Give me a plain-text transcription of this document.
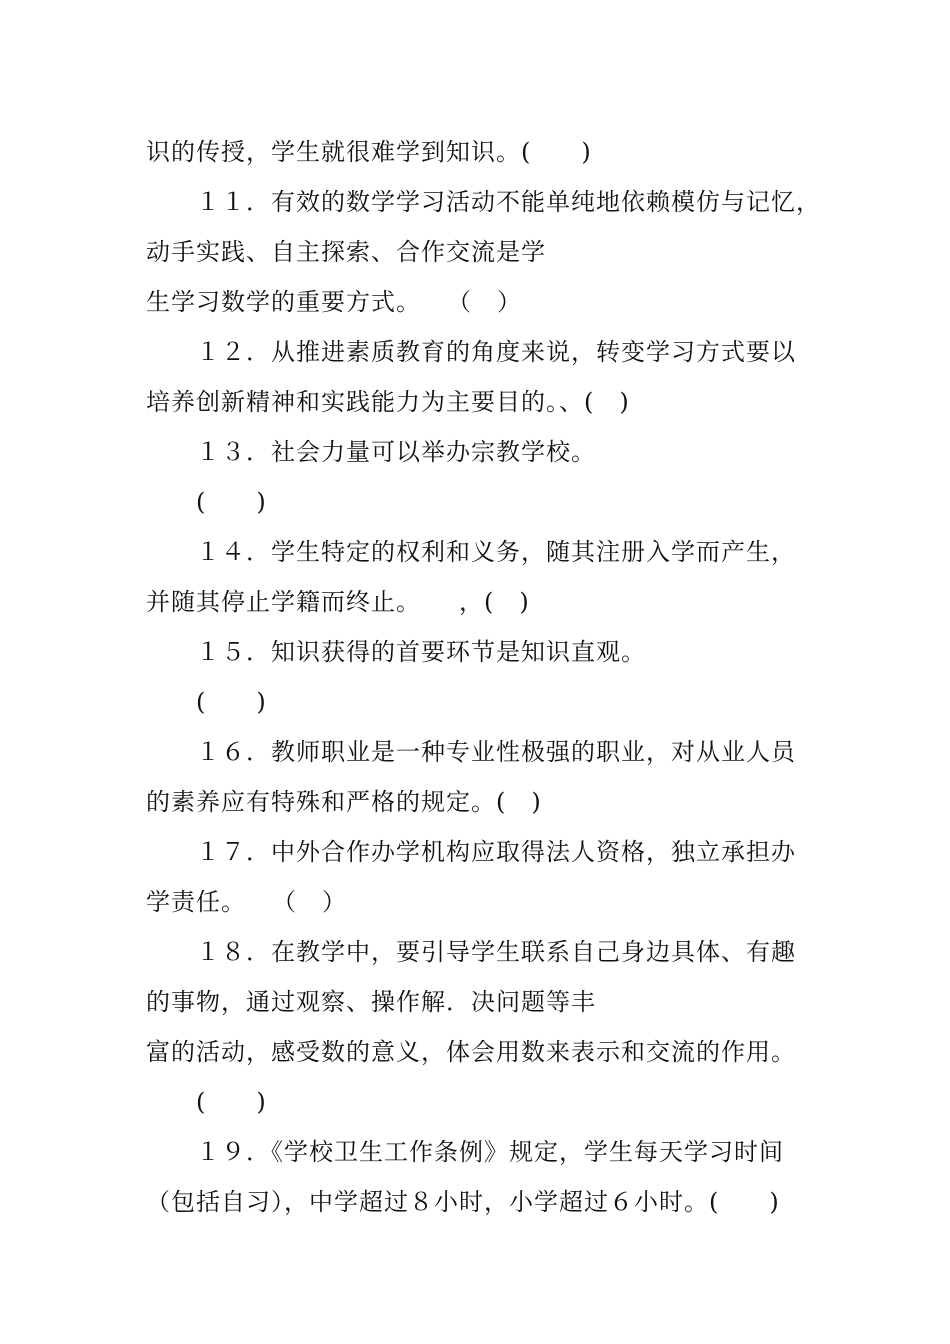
识的传授，学生就很难学到知识。(　　)
１１．有效的数学学习活动不能单纯地依赖模仿与记忆，
动手实践、自主探索、合作交流是学
生学习数学的重要方式。　　（　）
１２．从推进素质教育的角度来说，转变学习方式要以
培养创新精神和实践能力为主要目的。、(　)
１３．社会力量可以举办宗教学校。
(　　)
１４．学生特定的权利和义务，随其注册入学而产生，
并随其停止学籍而终止。　　，(　)
１５．知识获得的首要环节是知识直观。
(　　)
１６．教师职业是一种专业性极强的职业，对从业人员
的素养应有特殊和严格的规定。(　)
１７．中外合作办学机构应取得法人资格，独立承担办
学责任。　　（　）
１８．在教学中，要引导学生联系自己身边具体、有趣
的事物，通过观察、操作解．决问题等丰
富的活动，感受数的意义，体会用数来表示和交流的作用。
(　　)
１９．《学校卫生工作条例》规定，学生每天学习时间
（包括自习），中学超过８小时，小学超过６小时。(　　)
